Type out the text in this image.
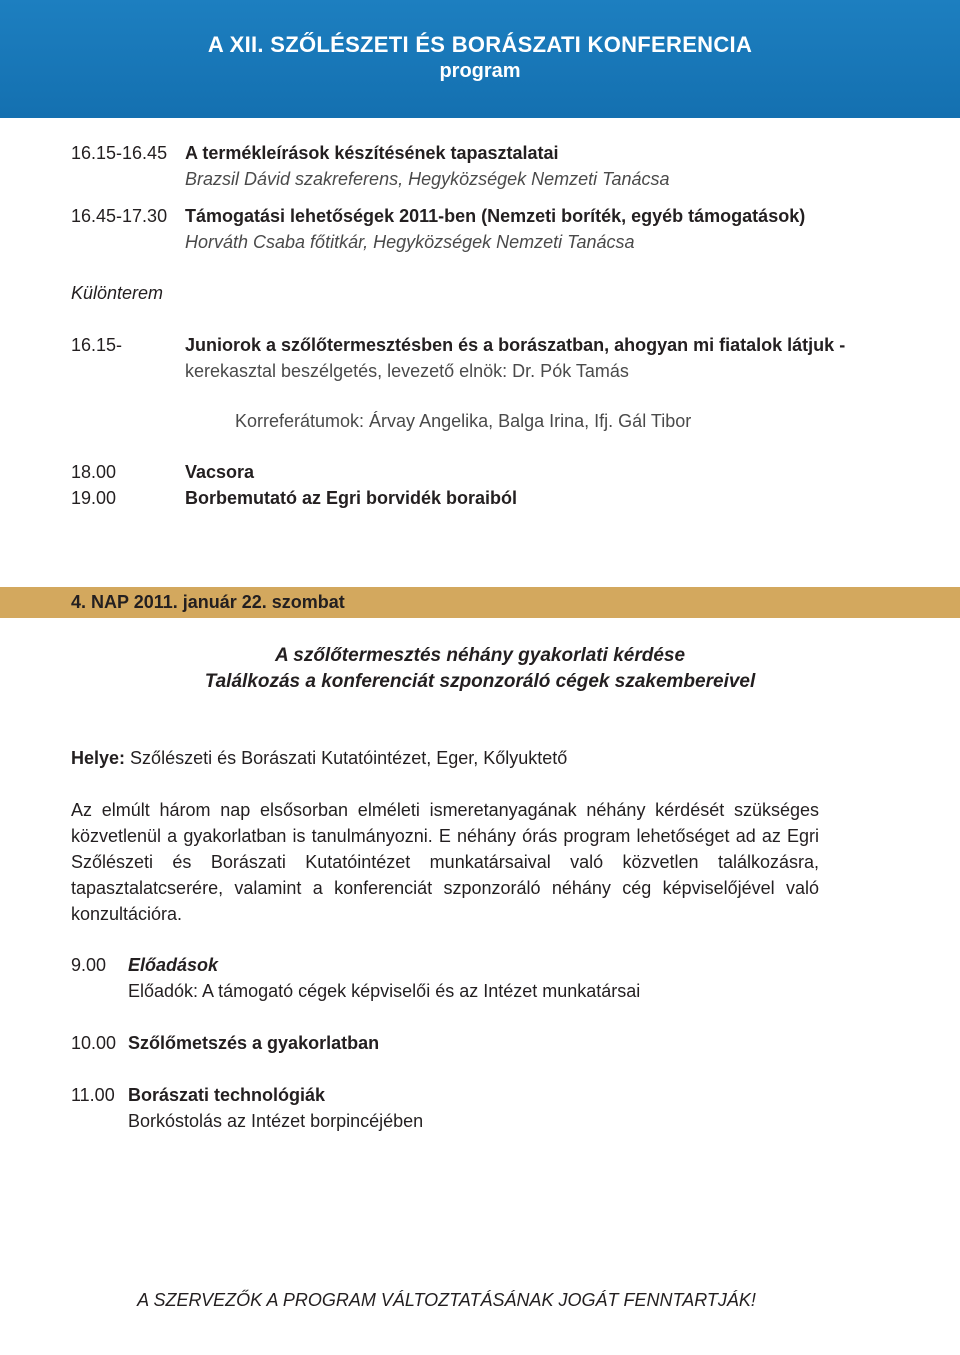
A XII. SZŐLÉSZETI ÉS BORÁSZATI KONFERENCIA
program
16.15-16.45 A termékleírások készítésének tapasztalatai
Brazsil Dávid szakreferens, Hegyközségek Nemzeti Tanácsa
16.45-17.30 Támogatási lehetőségek 2011-ben (Nemzeti boríték, egyéb támogatások)
Horváth Csaba főtitkár, Hegyközségek Nemzeti Tanácsa
Különterem
16.15-	Juniorok a szőlőtermesztésben és a borászatban, ahogyan mi fiatalok látjuk -
kerekasztal beszélgetés, levezető elnök: Dr. Pók Tamás
Korreferátumok: Árvay Angelika, Balga Irina, Ifj. Gál Tibor
18.00	Vacsora
19.00	Borbemutató az Egri borvidék boraiból
4. NAP 2011. január 22. szombat
A szőlőtermesztés néhány gyakorlati kérdése
Találkozás a konferenciát szponzoráló cégek szakembereivel
Helye: Szőlészeti és Borászati Kutatóintézet, Eger, Kőlyuktető
Az elmúlt három nap elsősorban elméleti ismeretanyagának néhány kérdését szükséges közvetlenül a gyakorlatban is tanulmányozni. E néhány órás program lehetőséget ad az Egri Szőlészeti és Borászati Kutatóintézet munkatársaival való közvetlen találkozásra, tapasztalatcserére, valamint a konferenciát szponzoráló néhány cég képviselőjével való konzultációra.
9.00 Előadások
Előadók: A támogató cégek képviselői és az Intézet munkatársai
10.00 Szőlőmetszés a gyakorlatban
11.00 Borászati technológiák
Borkóstolás az Intézet borpincéjében
A SZERVEZŐK A PROGRAM VÁLTOZTATÁSÁNAK JOGÁT FENNTARTJÁK!
